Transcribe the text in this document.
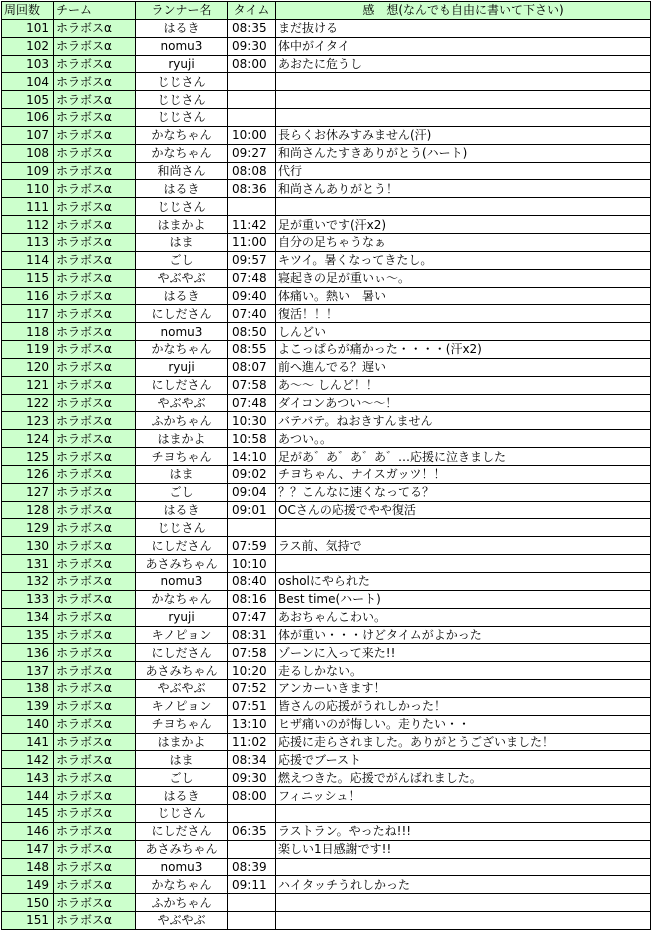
周回数	チーム	ランナー名	タイム	感　想(なんでも自由に書いて下さい)
101	ホラボスα	はるき	08:35	まだ抜ける
102	ホラボスα	nomu3	09:30	体中がイタイ
103	ホラボスα	ryuji	08:00	あおたに危うし
104	ホラボスα	じじさん		
105	ホラボスα	じじさん		
106	ホラボスα	じじさん		
107	ホラボスα	かなちゃん	10:00	長らくお休みすみません(汗)
108	ホラボスα	かなちゃん	09:27	和尚さんたすきありがとう(ハート)
109	ホラボスα	和尚さん	08:08	代行
110	ホラボスα	はるき	08:36	和尚さんありがとう！
111	ホラボスα	じじさん		
112	ホラボスα	はまかよ	11:42	足が重いです(汗x2)
113	ホラボスα	はま	11:00	自分の足ちゃうなぁ
114	ホラボスα	ごし	09:57	キツイ。暑くなってきたし。
115	ホラボスα	やぶやぶ	07:48	寝起きの足が重いぃ～。
116	ホラボスα	はるき	09:40	体痛い。熱い　暑い
117	ホラボスα	にしださん	07:40	復活！！！
118	ホラボスα	nomu3	08:50	しんどい
119	ホラボスα	かなちゃん	08:55	よこっぱらが痛かった・・・・(汗x2)
120	ホラボスα	ryuji	08:07	前へ進んでる？遅い
121	ホラボスα	にしださん	07:58	あ～～ しんど！！
122	ホラボスα	やぶやぶ	07:48	ダイコンあつい～～！
123	ホラボスα	ふかちゃん	10:30	バテバテ。ねおきすんません
124	ホラボスα	はまかよ	10:58	あつい。。
125	ホラボスα	チヨちゃん	14:10	足があ゛あ゛あ゛あ゛…応援に泣きました
126	ホラボスα	はま	09:02	チヨちゃん、ナイスガッツ！！
127	ホラボスα	ごし	09:04	？？こんなに速くなってる？
128	ホラボスα	はるき	09:01	OCさんの応援でやや復活
129	ホラボスα	じじさん		
130	ホラボスα	にしださん	07:59	ラス前、気持で
131	ホラボスα	あさみちゃん	10:10	
132	ホラボスα	nomu3	08:40	osholにやられた
133	ホラボスα	かなちゃん	08:16	Best time(ハート)
134	ホラボスα	ryuji	07:47	あおちゃんこわい。
135	ホラボスα	キノピョン	08:31	体が重い・・・けどタイムがよかった
136	ホラボスα	にしださん	07:58	ゾーンに入って来た!!
137	ホラボスα	あさみちゃん	10:20	走るしかない。
138	ホラボスα	やぶやぶ	07:52	アンカーいきます！
139	ホラボスα	キノピョン	07:51	皆さんの応援がうれしかった！
140	ホラボスα	チヨちゃん	13:10	ヒザ痛いのが悔しい。走りたい・・
141	ホラボスα	はまかよ	11:02	応援に走らされました。ありがとうございました！
142	ホラボスα	はま	08:34	応援でブースト
143	ホラボスα	ごし	09:30	燃えつきた。応援でがんばれました。
144	ホラボスα	はるき	08:00	フィニッシュ！
145	ホラボスα	じじさん		
146	ホラボスα	にしださん	06:35	ラストラン。やったね!!!
147	ホラボスα	あさみちゃん		楽しい1日感謝です!!
148	ホラボスα	nomu3	08:39	
149	ホラボスα	かなちゃん	09:11	ハイタッチうれしかった
150	ホラボスα	ふかちゃん		
151	ホラボスα	やぶやぶ		
